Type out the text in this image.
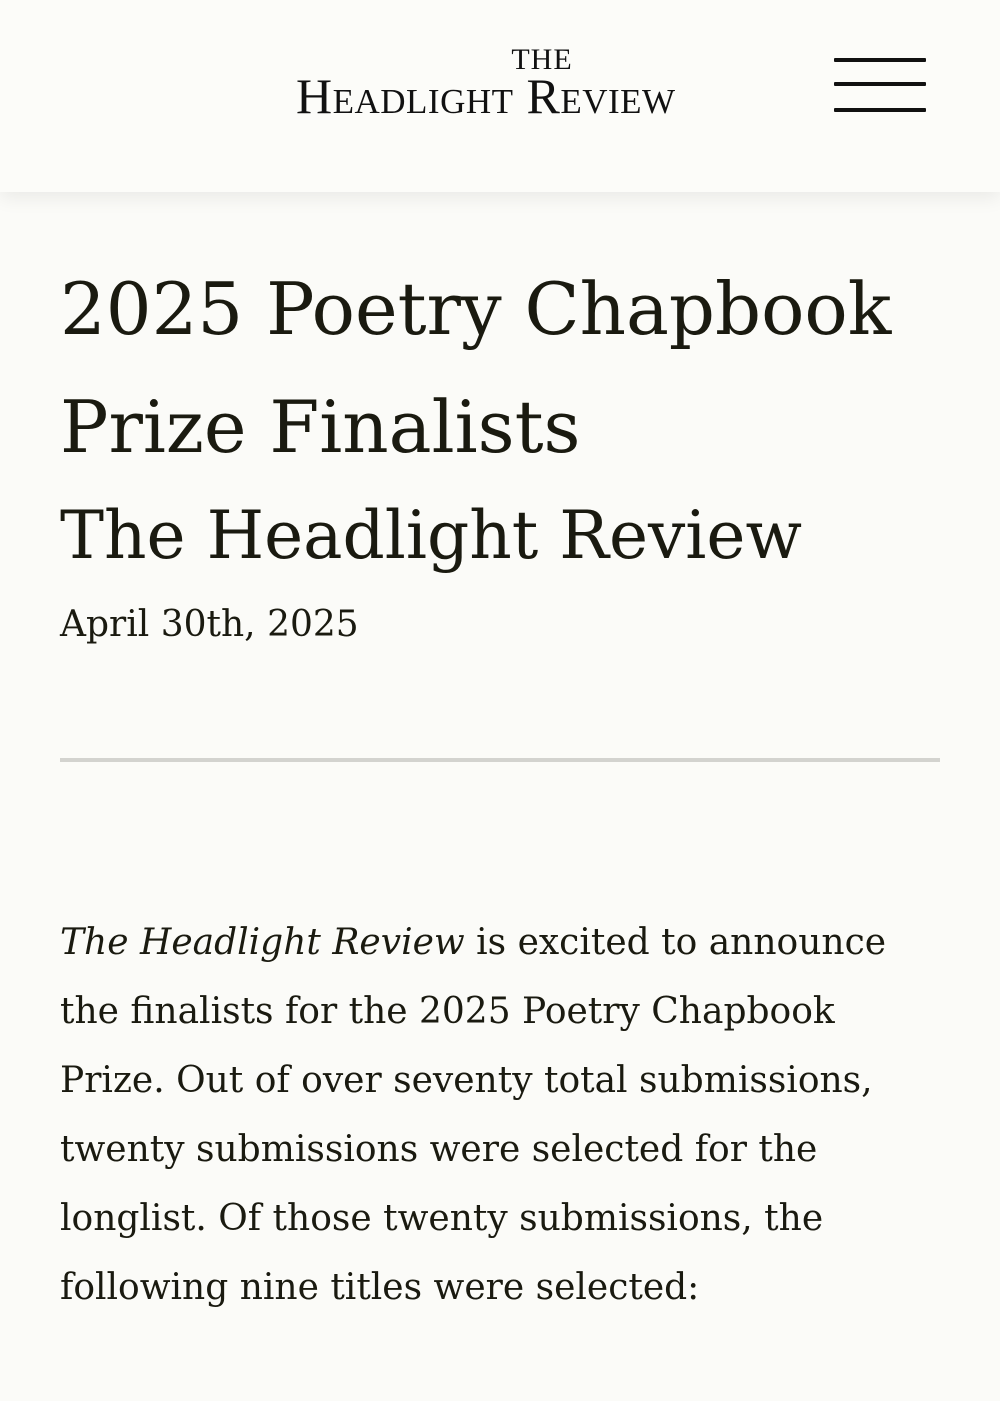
THE
Headlight Review
2025 Poetry Chapbook Prize Finalists
The Headlight Review
April 30th, 2025

The Headlight Review is excited to announce the finalists for the 2025 Poetry Chapbook Prize. Out of over seventy total submissions, twenty submissions were selected for the longlist. Of those twenty submissions, the following nine titles were selected:
